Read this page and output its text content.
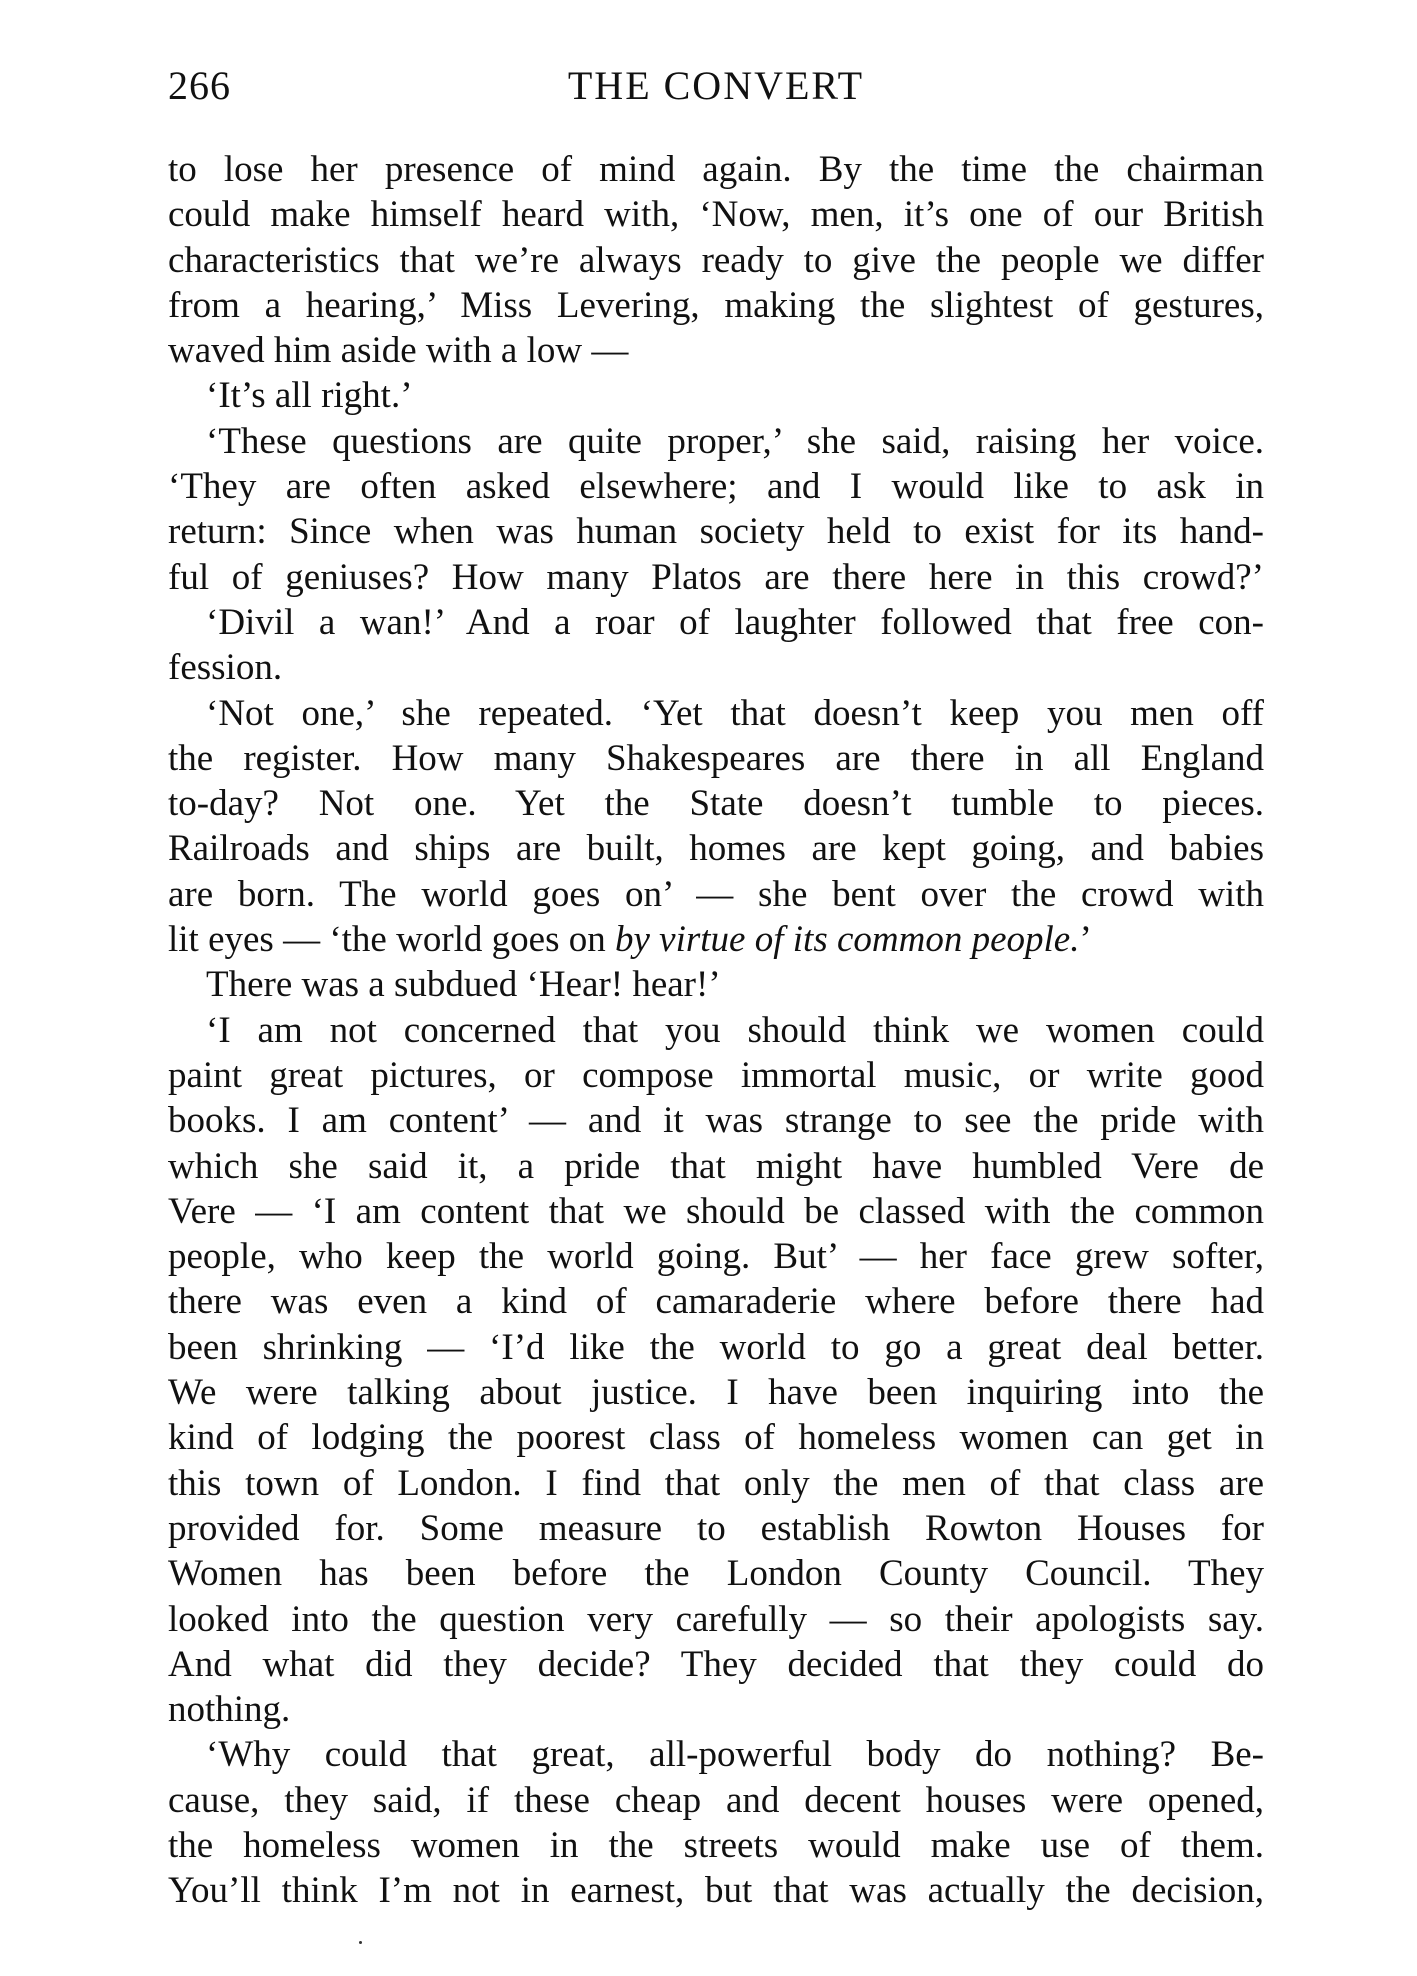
266	THE CONVERT
to lose her presence of mind again. By the time the chairman
could make himself heard with, ‘Now, men, it’s one of our British
characteristics that we’re always ready to give the people we differ
from a hearing,’ Miss Levering, making the slightest of gestures,
waved him aside with a low —
‘It’s all right.’
‘These questions are quite proper,’ she said, raising her voice.
‘They are often asked elsewhere; and I would like to ask in
return: Since when was human society held to exist for its hand-
ful of geniuses? How many Platos are there here in this crowd?’
‘Divil a wan!’ And a roar of laughter followed that free con-
fession.
‘Not one,’ she repeated. ‘Yet that doesn’t keep you men off
the register. How many Shakespeares are there in all England
to-day? Not one. Yet the State doesn’t tumble to pieces.
Railroads and ships are built, homes are kept going, and babies
are born. The world goes on’ — she bent over the crowd with
lit eyes — ‘the world goes on by virtue of its common people.’
There was a subdued ‘Hear! hear!’
‘I am not concerned that you should think we women could
paint great pictures, or compose immortal music, or write good
books. I am content’ — and it was strange to see the pride with
which she said it, a pride that might have humbled Vere de
Vere — ‘I am content that we should be classed with the common
people, who keep the world going. But’ — her face grew softer,
there was even a kind of camaraderie where before there had
been shrinking — ‘I’d like the world to go a great deal better.
We were talking about justice. I have been inquiring into the
kind of lodging the poorest class of homeless women can get in
this town of London. I find that only the men of that class are
provided for. Some measure to establish Rowton Houses for
Women has been before the London County Council. They
looked into the question very carefully — so their apologists say.
And what did they decide? They decided that they could do
nothing.
‘Why could that great, all-powerful body do nothing? Be-
cause, they said, if these cheap and decent houses were opened,
the homeless women in the streets would make use of them.
You’ll think I’m not in earnest, but that was actually the decision,
